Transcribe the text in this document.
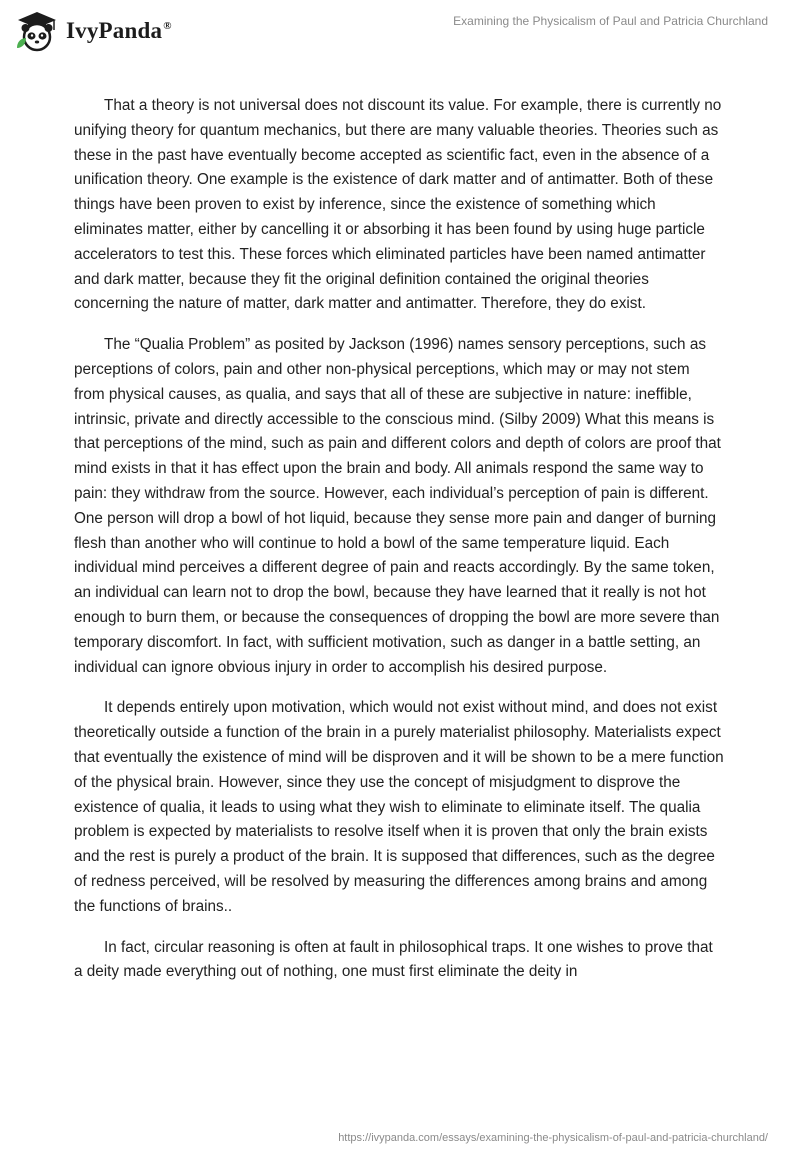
IvyPanda®	Examining the Physicalism of Paul and Patricia Churchland

That a theory is not universal does not discount its value. For example, there is currently no unifying theory for quantum mechanics, but there are many valuable theories. Theories such as these in the past have eventually become accepted as scientific fact, even in the absence of a unification theory. One example is the existence of dark matter and of antimatter. Both of these things have been proven to exist by inference, since the existence of something which eliminates matter, either by cancelling it or absorbing it has been found by using huge particle accelerators to test this. These forces which eliminated particles have been named antimatter and dark matter, because they fit the original definition contained the original theories concerning the nature of matter, dark matter and antimatter. Therefore, they do exist.

The “Qualia Problem” as posited by Jackson (1996) names sensory perceptions, such as perceptions of colors, pain and other non-physical perceptions, which may or may not stem from physical causes, as qualia, and says that all of these are subjective in nature: ineffible, intrinsic, private and directly accessible to the conscious mind. (Silby 2009) What this means is that perceptions of the mind, such as pain and different colors and depth of colors are proof that mind exists in that it has effect upon the brain and body. All animals respond the same way to pain: they withdraw from the source. However, each individual’s perception of pain is different. One person will drop a bowl of hot liquid, because they sense more pain and danger of burning flesh than another who will continue to hold a bowl of the same temperature liquid. Each individual mind perceives a different degree of pain and reacts accordingly. By the same token, an individual can learn not to drop the bowl, because they have learned that it really is not hot enough to burn them, or because the consequences of dropping the bowl are more severe than temporary discomfort. In fact, with sufficient motivation, such as danger in a battle setting, an individual can ignore obvious injury in order to accomplish his desired purpose.

It depends entirely upon motivation, which would not exist without mind, and does not exist theoretically outside a function of the brain in a purely materialist philosophy. Materialists expect that eventually the existence of mind will be disproven and it will be shown to be a mere function of the physical brain. However, since they use the concept of misjudgment to disprove the existence of qualia, it leads to using what they wish to eliminate to eliminate itself. The qualia problem is expected by materialists to resolve itself when it is proven that only the brain exists and the rest is purely a product of the brain. It is supposed that differences, such as the degree of redness perceived, will be resolved by measuring the differences among brains and among the functions of brains..

In fact, circular reasoning is often at fault in philosophical traps. It one wishes to prove that a deity made everything out of nothing, one must first eliminate the deity in

https://ivypanda.com/essays/examining-the-physicalism-of-paul-and-patricia-churchland/
